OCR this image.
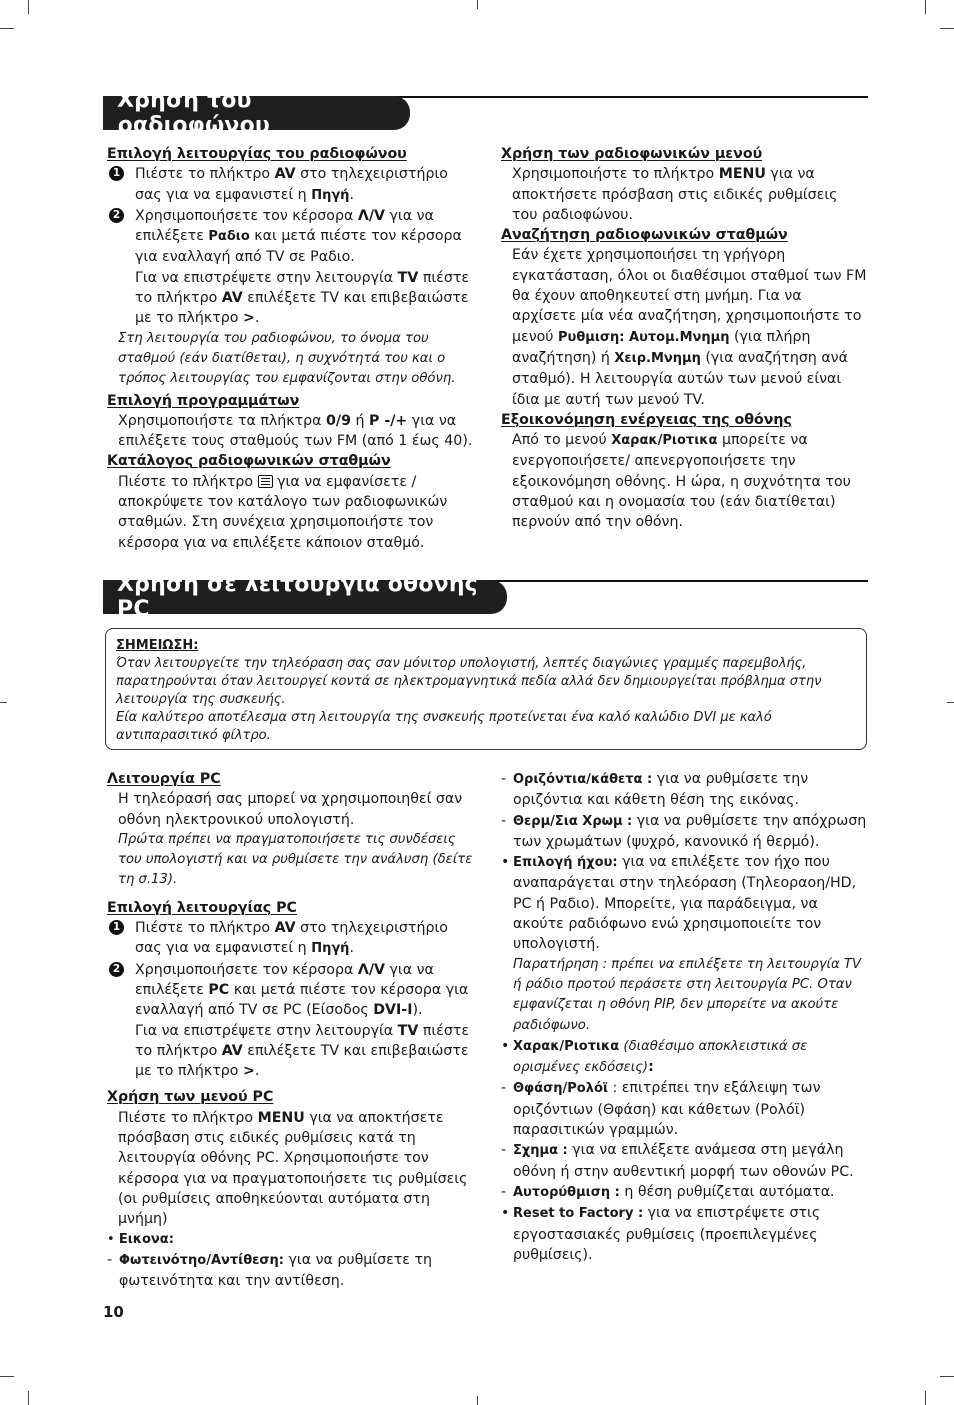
Χρήση του ραδιοφώνου

Επιλογή λειτουργίας του ραδιοφώνου

1 Πιέστε το πλήκτρο AV στο τηλεχειριστήριο σας για να εμφανιστεί η Πηγή.

2 Χρησιμοποιήσετε τον κέρσορα Λ/V για να επιλέξετε Ραδιο και μετά πιέστε τον κέρσορα για εναλλαγή από TV σε Ραδιο.

Για να επιστρέψετε στην λειτουργία TV πιέστε το πλήκτρο AV επιλέξετε TV και επιβεβαιώστε με το πλήκτρο >.

Στη λειτουργία του ραδιοφώνου, το όνομα του σταθμού (εάν διατίθεται), η συχνότητά του και ο τρόπος λειτουργίας του εμφανίζονται στην οθόνη.

Επιλογή προγραμμάτων

Χρησιμοποιήστε τα πλήκτρα 0/9 ή P -/+ για να επιλέξετε τους σταθμούς των FM (από 1 έως 40).

Κατάλογος ραδιοφωνικών σταθμών

Πιέστε το πλήκτρο  για να εμφανίσετε /αποκρύψετε τον κατάλογο των ραδιοφωνικών σταθμών. Στη συνέχεια χρησιμοποιήστε τον κέρσορα για να επιλέξετε κάποιον σταθμό.

Χρήση των ραδιοφωνικών μενού

Χρησιμοποιήστε το πλήκτρο MENU για να αποκτήσετε πρόσβαση στις ειδικές ρυθμίσεις του ραδιοφώνου.

Αναζήτηση ραδιοφωνικών σταθμών

Εάν έχετε χρησιμοποιήσει τη γρήγορη εγκατάσταση, όλοι οι διαθέσιμοι σταθμοί των FM θα έχουν αποθηκευτεί στη μνήμη. Για να αρχίσετε μία νέα αναζήτηση, χρησιμοποιήστε το μενού Ρυθμιση: Αυτομ.Μνημη (για πλήρη αναζήτηση) ή Χειρ.Μνημη (για αναζήτηση ανά σταθμό). Η λειτουργία αυτών των μενού είναι ίδια με αυτή των μενού TV.

Εξοικονόμηση ενέργειας της οθόνης

Από το μενού Χαρακ/Ριοτικα μπορείτε να ενεργοποιήσετε/ απενεργοποιήσετε την εξοικονόμηση οθόνης. Η ώρα, η συχνότητα του σταθμού και η ονομασία του (εάν διατίθεται) περνούν από την οθόνη.

Χρήση σε λειτουργία οθόνης PC
ΣΗΜΕΙΩΣΗ:
Όταν λειτουργείτε την τηλεόραση σας σαν μόνιτορ υπολογιστή, λεπτές διαγώνιες γραμμές παρεμβολής, παρατηρούνται όταν λειτουργεί κοντά σε ηλεκτρομαγνητικά πεδία αλλά δεν δημιουργείται πρόβλημα στην λειτουργία της συσκευής.
Εία καλύτερο αποτέλεσμα στη λειτουργία της σνσκευής προτείνεται ένα καλό καλώδιο DVI με καλό αντιπαρασιτικό φίλτρο.

Λειτουργία PC

Η τηλεόρασή σας μπορεί να χρησιμοποιηθεί σαν οθόνη ηλεκτρονικού υπολογιστή.

Πρώτα πρέπει να πραγματοποιήσετε τις συνδέσεις του υπολογιστή και να ρυθμίσετε την ανάλυση (δείτε τη σ.13).

Επιλογή λειτουργίας PC

1 Πιέστε το πλήκτρο AV στο τηλεχειριστήριο σας για να εμφανιστεί η Πηγή.

2 Χρησιμοποιήσετε τον κέρσορα Λ/V για να επιλέξετε PC και μετά πιέστε τον κέρσορα για εναλλαγή από TV σε PC (Είσοδος DVI-I).

Για να επιστρέψετε στην λειτουργία TV πιέστε το πλήκτρο AV επιλέξετε TV και επιβεβαιώστε με το πλήκτρο >.

Χρήση των μενού PC

Πιέστε το πλήκτρο MENU για να αποκτήσετε πρόσβαση στις ειδικές ρυθμίσεις κατά τη λειτουργία οθόνης PC. Χρησιμοποιήστε τον κέρσορα για να πραγματοποιήσετε τις ρυθμίσεις (οι ρυθμίσεις αποθηκεύονται αυτόματα στη μνήμη)

• Εικονα:

- Φωτεινότηο/Αντίθεση: για να ρυθμίσετε τη φωτεινότητα και την αντίθεση.

- Οριζόντια/κάθετα : για να ρυθμίσετε την οριζόντια και κάθετη θέση της εικόνας.

- Θερμ/Σια Χρωμ : για να ρυθμίσετε την απόχρωση των χρωμάτων (ψυχρό, κανονικό ή θερμό).

• Επιλογή ήχου: για να επιλέξετε τον ήχο που αναπαράγεται στην τηλεόραση (Τηλεοραοη/HD, PC ή Ραδιο). Μπορείτε, για παράδειγμα, να ακούτε ραδιόφωνο ενώ χρησιμοποιείτε τον υπολογιστή.

Παρατήρηση : πρέπει να επιλέξετε τη λειτουργία TV ή ράδιο προτού περάσετε στη λειτουργία PC. Οταν εμφανίζεται η οθόνη PIP, δεν μπορείτε να ακούτε ραδιόφωνο.

• Χαρακ/Ριοτικα (διαθέσιμο αποκλειστικά σε ορισμένες εκδόσεις):

- Θφάση/Ρολόϊ : επιτρέπει την εξάλειψη των οριζόντιων (Θφάση) και κάθετων (Ρολόϊ) παρασιτικών γραμμών.

- Σχημα : για να επιλέξετε ανάμεσα στη μεγάλη οθόνη ή στην αυθεντική μορφή των οθονών PC.

- Αυτορύθμιση : η θέση ρυθμίζεται αυτόματα.

• Reset to Factory : για να επιστρέψετε στις εργοστασιακές ρυθμίσεις (προεπιλεγμένες ρυθμίσεις).

10
